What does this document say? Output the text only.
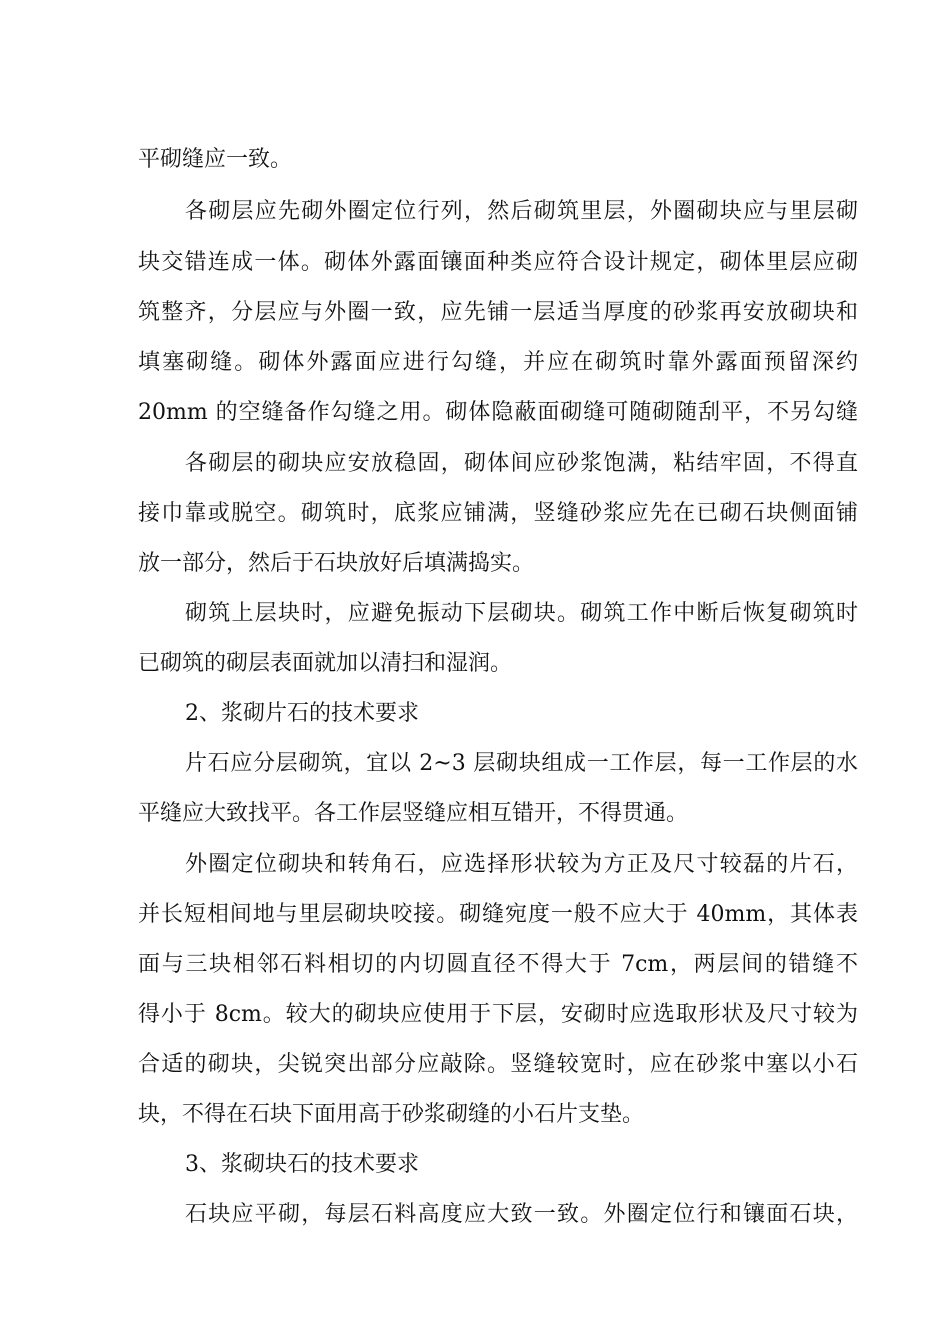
平砌缝应一致。
各砌层应先砌外圈定位行列，然后砌筑里层，外圈砌块应与里层砌
块交错连成一体。砌体外露面镶面种类应符合设计规定，砌体里层应砌
筑整齐，分层应与外圈一致，应先铺一层适当厚度的砂浆再安放砌块和
填塞砌缝。砌体外露面应进行勾缝，并应在砌筑时靠外露面预留深约
20mm 的空缝备作勾缝之用。砌体隐蔽面砌缝可随砌随刮平，不另勾缝
各砌层的砌块应安放稳固，砌体间应砂浆饱满，粘结牢固，不得直
接巾靠或脱空。砌筑时，底浆应铺满，竖缝砂浆应先在已砌石块侧面铺
放一部分，然后于石块放好后填满捣实。
砌筑上层块时，应避免振动下层砌块。砌筑工作中断后恢复砌筑时
已砌筑的砌层表面就加以清扫和湿润。
2、浆砌片石的技术要求
片石应分层砌筑，宜以 2~3 层砌块组成一工作层，每一工作层的水
平缝应大致找平。各工作层竖缝应相互错开，不得贯通。
外圈定位砌块和转角石，应选择形状较为方正及尺寸较磊的片石，
并长短相间地与里层砌块咬接。砌缝宛度一般不应大于 40mm，其体表
面与三块相邻石料相切的内切圆直径不得大于 7cm，两层间的错缝不
得小于 8cm。较大的砌块应使用于下层，安砌时应选取形状及尺寸较为
合适的砌块，尖锐突出部分应敲除。竖缝较宽时，应在砂浆中塞以小石
块，不得在石块下面用高于砂浆砌缝的小石片支垫。
3、浆砌块石的技术要求
石块应平砌，每层石料高度应大致一致。外圈定位行和镶面石块，
